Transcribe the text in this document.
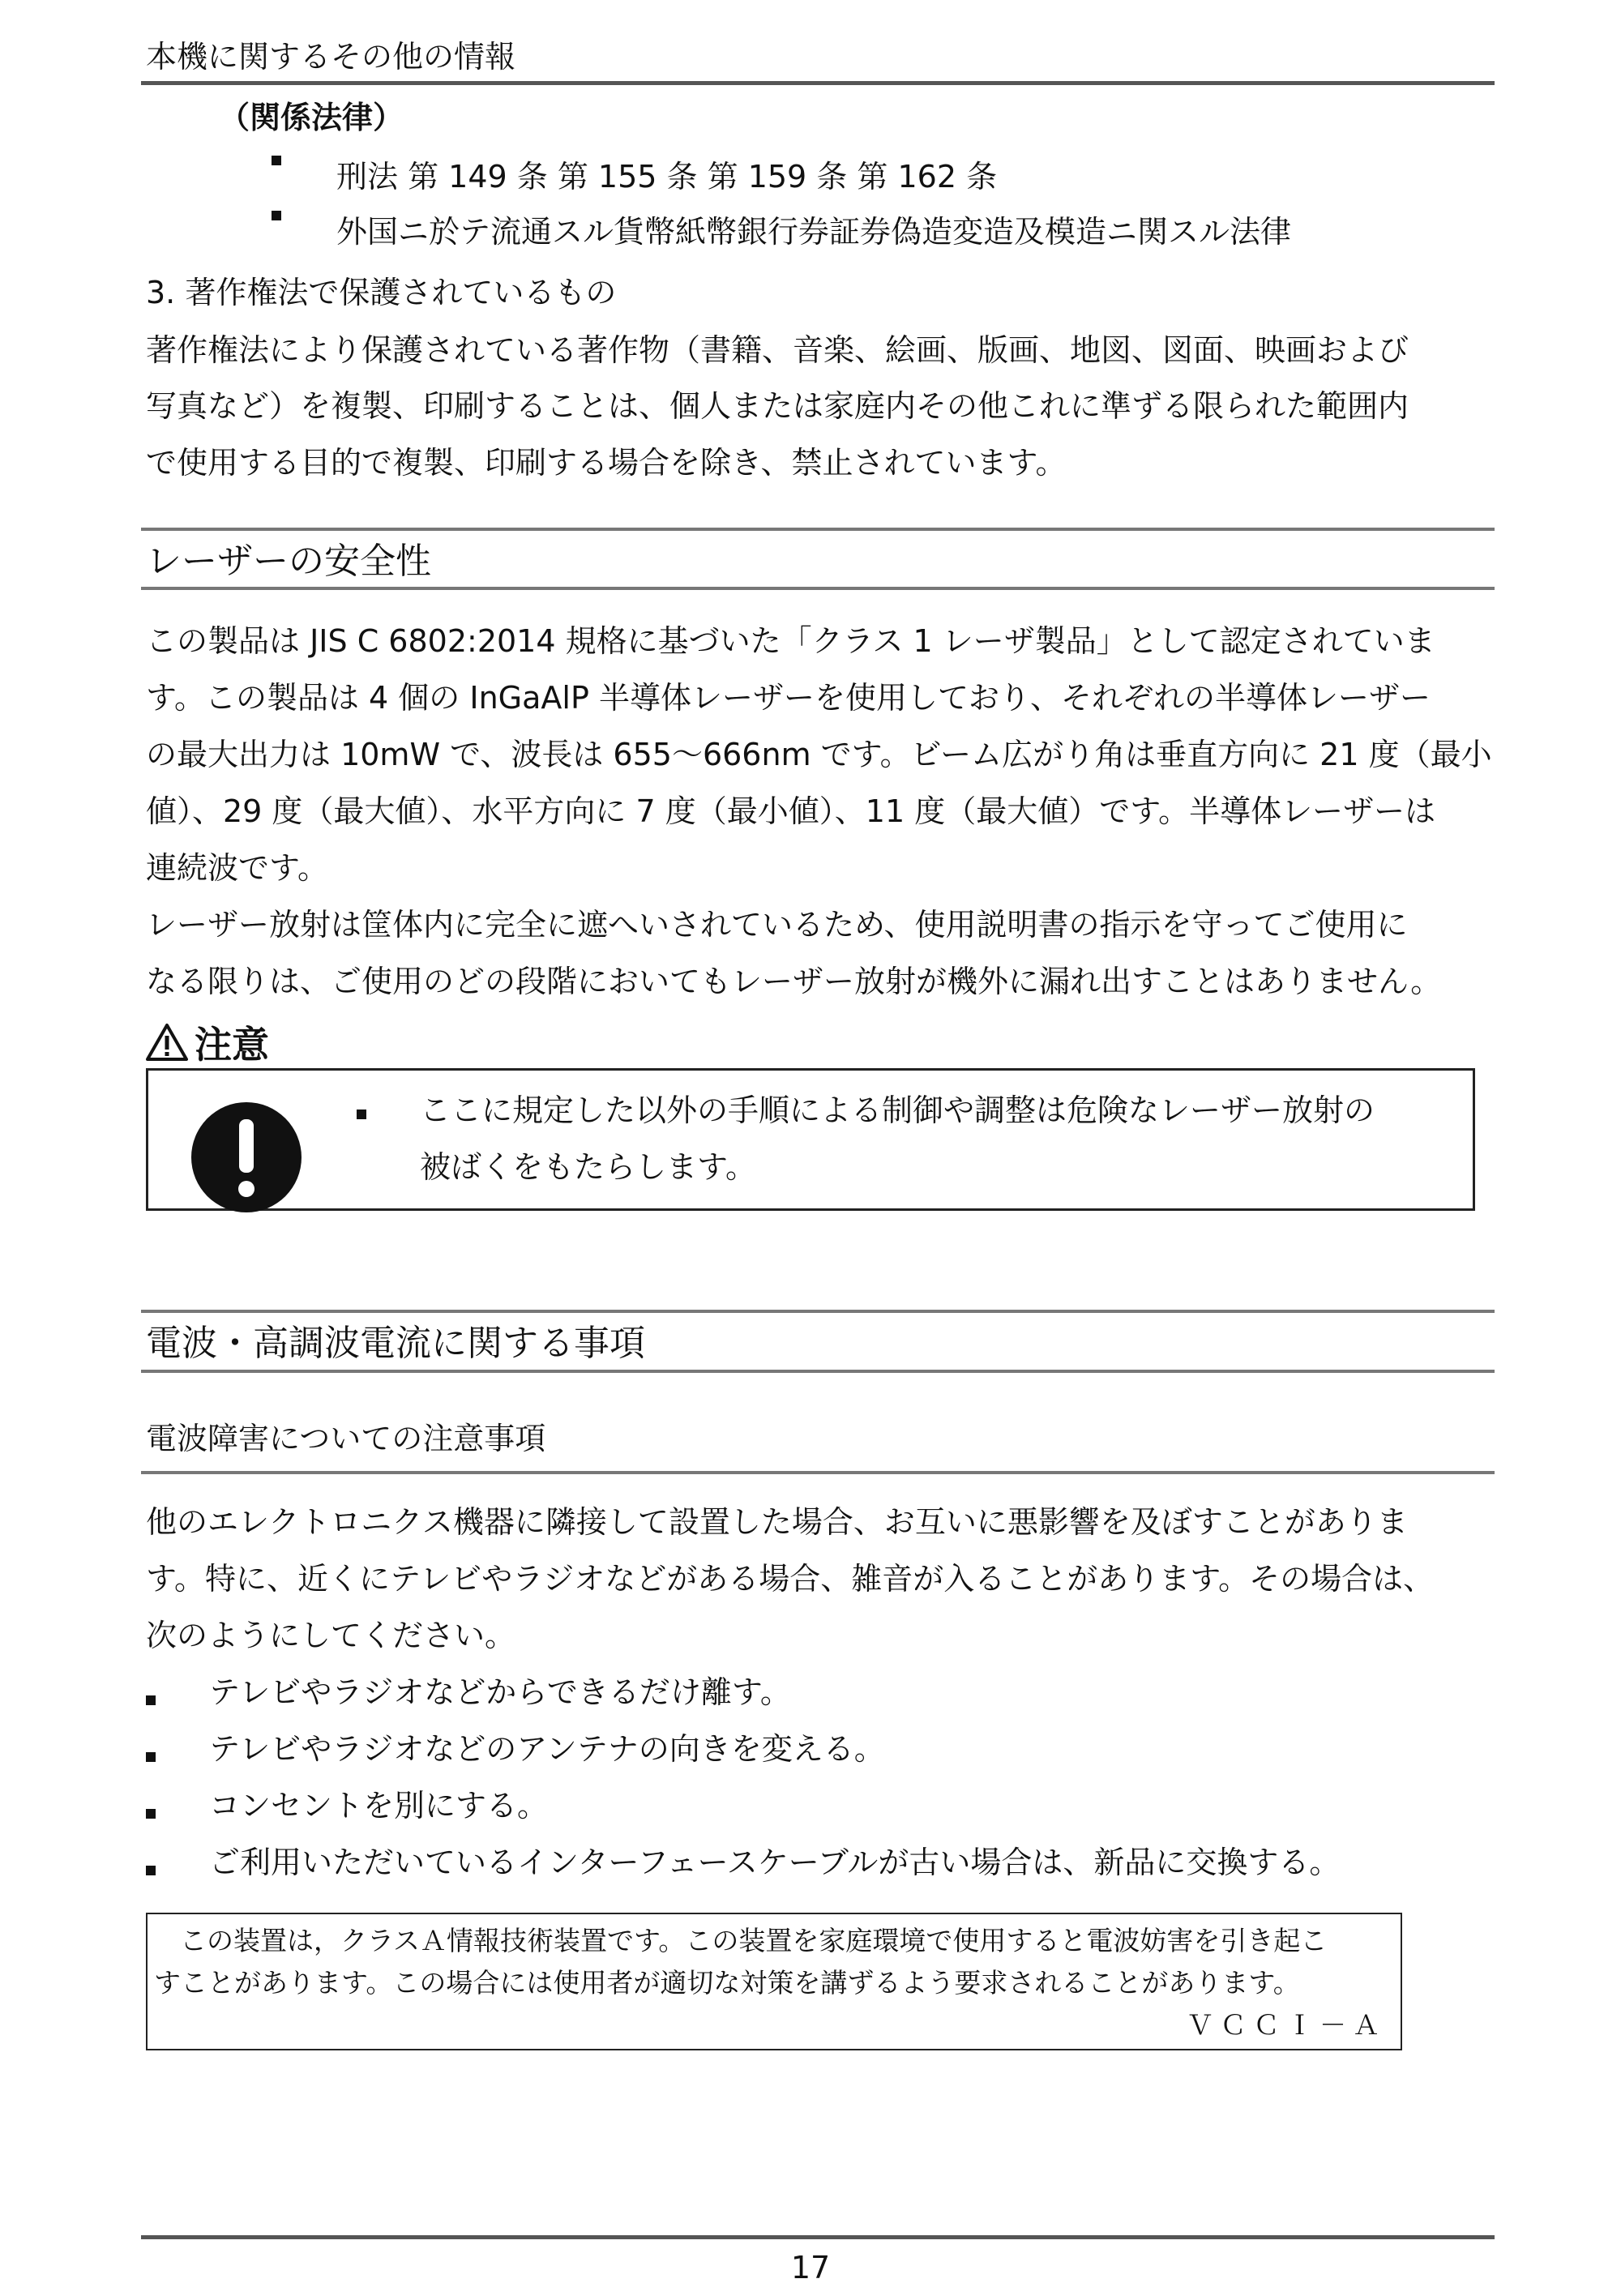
本機に関するその他の情報
（関係法律）
刑法 第 149 条 第 155 条 第 159 条 第 162 条
外国ニ於テ流通スル貨幣紙幣銀行券証券偽造変造及模造ニ関スル法律
3. 著作権法で保護されているもの
著作権法により保護されている著作物（書籍、音楽、絵画、版画、地図、図面、映画および
写真など）を複製、印刷することは、個人または家庭内その他これに準ずる限られた範囲内
で使用する目的で複製、印刷する場合を除き、禁止されています。
レーザーの安全性
この製品は JIS C 6802:2014 規格に基づいた「クラス 1 レーザ製品」として認定されていま
す。この製品は 4 個の InGaAlP 半導体レーザーを使用しており、それぞれの半導体レーザー
の最大出力は 10mW で、波長は 655～666nm です。ビーム広がり角は垂直方向に 21 度（最小
値）、29 度（最大値）、水平方向に 7 度（最小値）、11 度（最大値）です。半導体レーザーは
連続波です。
レーザー放射は筐体内に完全に遮へいされているため、使用説明書の指示を守ってご使用に
なる限りは、ご使用のどの段階においてもレーザー放射が機外に漏れ出すことはありません。
注意
ここに規定した以外の手順による制御や調整は危険なレーザー放射の
被ばくをもたらします。
電波・高調波電流に関する事項
電波障害についての注意事項
他のエレクトロニクス機器に隣接して設置した場合、お互いに悪影響を及ぼすことがありま
す。特に、近くにテレビやラジオなどがある場合、雑音が入ることがあります。その場合は、
次のようにしてください。
テレビやラジオなどからできるだけ離す。
テレビやラジオなどのアンテナの向きを変える。
コンセントを別にする。
ご利用いただいているインターフェースケーブルが古い場合は、新品に交換する。
この装置は，クラスＡ情報技術装置です。この装置を家庭環境で使用すると電波妨害を引き起こ
すことがあります。この場合には使用者が適切な対策を講ずるよう要求されることがあります。
ＶＣＣＩ－Ａ
17
